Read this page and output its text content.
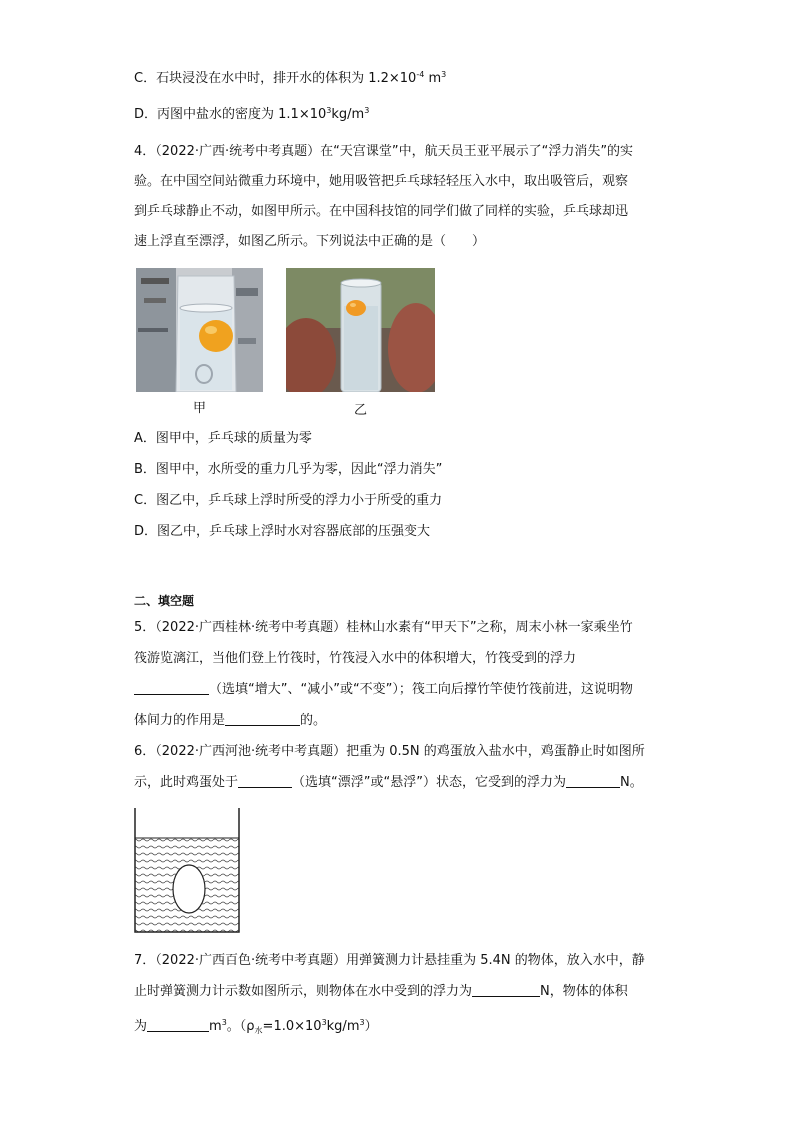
C．石块浸没在水中时，排开水的体积为 $1.2\times 10^{-4}$ $m^3$
D．丙图中盐水的密度为 $1.1\times 10^3kg/m^3$
4．（2022·广西·统考中考真题）在“天宫课堂”中，航天员王亚平展示了“浮力消失”的实
验。在中国空间站微重力环境中，她用吸管把乒乓球轻轻压入水中，取出吸管后，观察
到乒乓球静止不动，如图甲所示。在中国科技馆的同学们做了同样的实验，乒乓球却迅
速上浮直至漂浮，如图乙所示。下列说法中正确的是（　　）
甲	乙
A．图甲中，乒乓球的质量为零
B．图甲中，水所受的重力几乎为零，因此“浮力消失”
C．图乙中，乒乓球上浮时所受的浮力小于所受的重力
D．图乙中，乒乓球上浮时水对容器底部的压强变大
二、填空题
5．（2022·广西桂林·统考中考真题）桂林山水素有“甲天下”之称，周末小林一家乘坐竹
筏游览漓江，当他们登上竹筏时，竹筏浸入水中的体积增大，竹筏受到的浮力
（选填“增大”、“减小”或“不变”）；筏工向后撑竹竿使竹筏前进，这说明物
体间力的作用是	的。
6．（2022·广西河池·统考中考真题）把重为 0.5N 的鸡蛋放入盐水中，鸡蛋静止时如图所
示，此时鸡蛋处于	（选填“漂浮”或“悬浮”）状态，它受到的浮力为	N。
7．（2022·广西百色·统考中考真题）用弹簧测力计悬挂重为 5.4N 的物体，放入水中，静
止时弹簧测力计示数如图所示，则物体在水中受到的浮力为	N，物体的体积
为	$m^3$。$(\rho_水=1.0\times 10^3kg/m^3)$
